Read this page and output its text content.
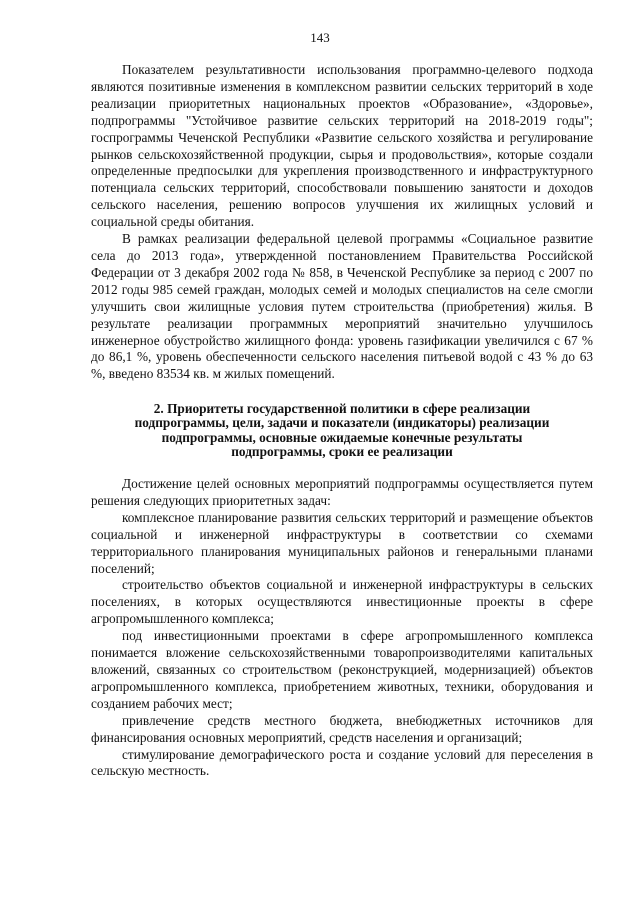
143

Показателем результативности использования программно-целевого подхода являются позитивные изменения в комплексном развитии сельских территорий в ходе реализации приоритетных национальных проектов «Образование», «Здоровье», подпрограммы "Устойчивое развитие сельских территорий на 2018-2019 годы"; госпрограммы Чеченской Республики «Развитие сельского хозяйства и регулирование рынков сельскохозяйственной продукции, сырья и продовольствия», которые создали определенные предпосылки для укрепления производственного и инфраструктурного потенциала сельских территорий, способствовали повышению занятости и доходов сельского населения, решению вопросов улучшения их жилищных условий и социальной среды обитания.

В рамках реализации федеральной целевой программы «Социальное развитие села до 2013 года», утвержденной постановлением Правительства Российской Федерации от 3 декабря 2002 года № 858, в Чеченской Республике за период с 2007 по 2012 годы 985 семей граждан, молодых семей и молодых специалистов на селе смогли улучшить свои жилищные условия путем строительства (приобретения) жилья. В результате реализации программных мероприятий значительно улучшилось инженерное обустройство жилищного фонда: уровень газификации увеличился с 67 % до 86,1 %, уровень обеспеченности сельского населения питьевой водой с 43 % до 63 %, введено 83534 кв. м жилых помещений.

2. Приоритеты государственной политики в сфере реализации
подпрограммы, цели, задачи и показатели (индикаторы) реализации
подпрограммы, основные ожидаемые конечные результаты
подпрограммы, сроки ее реализации

Достижение целей основных мероприятий подпрограммы осуществляется путем решения следующих приоритетных задач:

комплексное планирование развития сельских территорий и размещение объектов социальной и инженерной инфраструктуры в соответствии со схемами территориального планирования муниципальных районов и генеральными планами поселений;

строительство объектов социальной и инженерной инфраструктуры в сельских поселениях, в которых осуществляются инвестиционные проекты в сфере агропромышленного комплекса;

под инвестиционными проектами в сфере агропромышленного комплекса понимается вложение сельскохозяйственными товаропроизводителями капитальных вложений, связанных со строительством (реконструкцией, модернизацией) объектов агропромышленного комплекса, приобретением животных, техники, оборудования и созданием рабочих мест;

привлечение средств местного бюджета, внебюджетных источников для финансирования основных мероприятий, средств населения и организаций;

стимулирование демографического роста и создание условий для переселения в сельскую местность.
